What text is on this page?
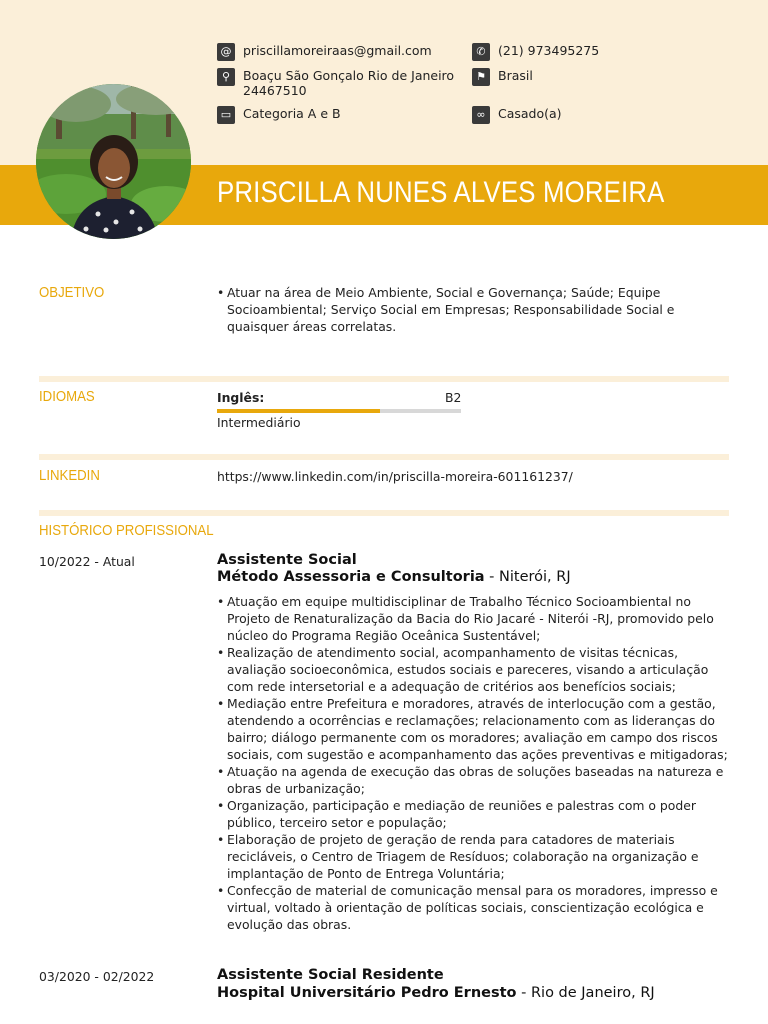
@ priscillamoreiraas@gmail.com	✆ (21) 973495275
⚲	Boaçu São Gonçalo Rio de Janeiro
24467510
⚑ Brasil
▭ Categoria A e B	∞ Casado(a)
PRISCILLA NUNES ALVES MOREIRA
OBJETIVO
•	Atuar na área de Meio Ambiente, Social e Governança; Saúde; Equipe Socioambiental; Serviço Social em Empresas; Responsabilidade Social e quaisquer áreas correlatas.
IDIOMAS	Inglês:	B2
Intermediário
LINKEDIN	https://www.linkedin.com/in/priscilla-moreira-601161237/
HISTÓRICO PROFISSIONAL
10/2022 - Atual	Assistente Social
Método Assessoria e Consultoria - Niterói, RJ
• Atuação em equipe multidisciplinar de Trabalho Técnico Socioambiental no Projeto de Renaturalização da Bacia do Rio Jacaré - Niterói -RJ, promovido pelo núcleo do Programa Região Oceânica Sustentável;
• Realização de atendimento social, acompanhamento de visitas técnicas, avaliação socioeconômica, estudos sociais e pareceres, visando a articulação com rede intersetorial e a adequação de critérios aos benefícios sociais;
• Mediação entre Prefeitura e moradores, através de interlocução com a gestão, atendendo a ocorrências e reclamações; relacionamento com as lideranças do bairro; diálogo permanente com os moradores; avaliação em campo dos riscos sociais, com sugestão e acompanhamento das ações preventivas e mitigadoras;
• Atuação na agenda de execução das obras de soluções baseadas na natureza e obras de urbanização;
• Organização, participação e mediação de reuniões e palestras com o poder público, terceiro setor e população;
• Elaboração de projeto de geração de renda para catadores de materiais recicláveis, o Centro de Triagem de Resíduos; colaboração na organização e implantação de Ponto de Entrega Voluntária;
• Confecção de material de comunicação mensal para os moradores, impresso e virtual, voltado à orientação de políticas sociais, conscientização ecológica e evolução das obras.
03/2020 - 02/2022	Assistente Social Residente
Hospital Universitário Pedro Ernesto - Rio de Janeiro, RJ
